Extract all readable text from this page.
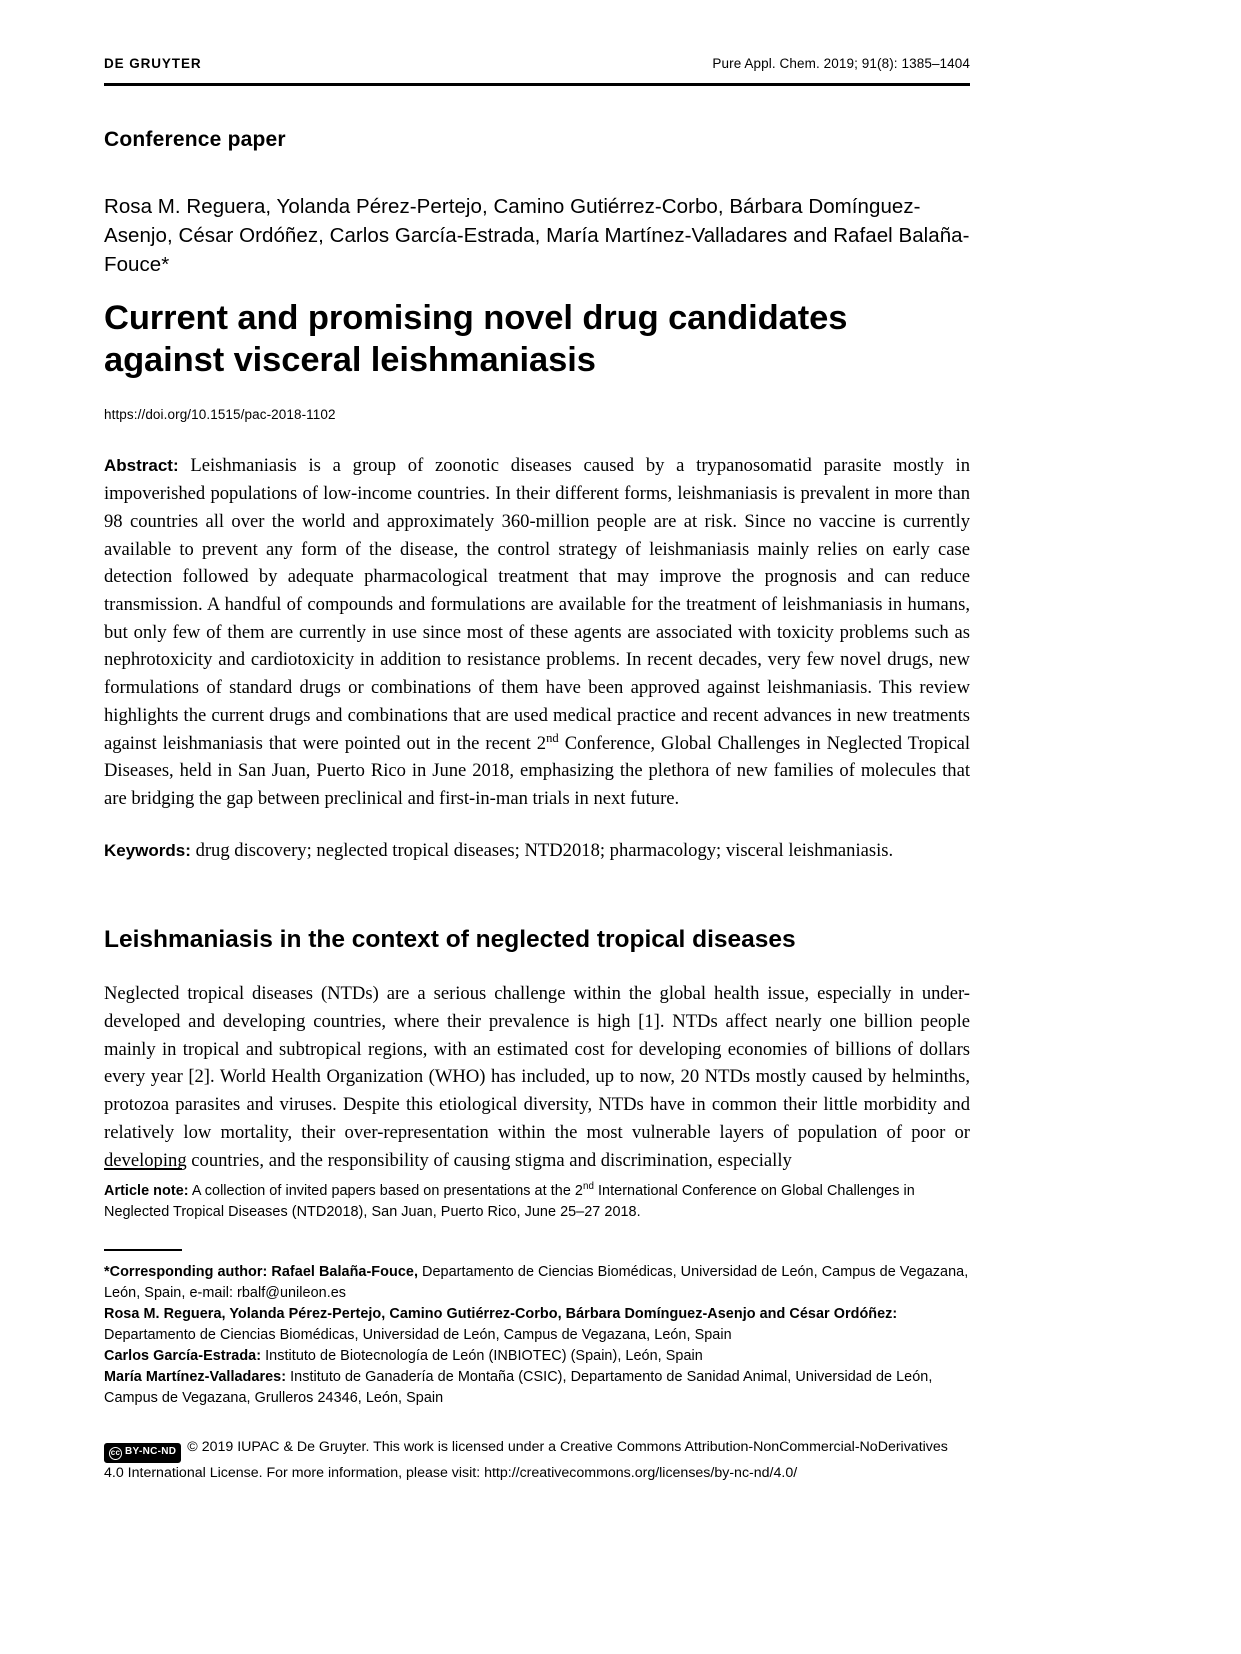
DE GRUYTER	Pure Appl. Chem. 2019; 91(8): 1385–1404
Conference paper
Rosa M. Reguera, Yolanda Pérez-Pertejo, Camino Gutiérrez-Corbo, Bárbara Domínguez-Asenjo, César Ordóñez, Carlos García-Estrada, María Martínez-Valladares and Rafael Balaña-Fouce*
Current and promising novel drug candidates against visceral leishmaniasis
https://doi.org/10.1515/pac-2018-1102
Abstract: Leishmaniasis is a group of zoonotic diseases caused by a trypanosomatid parasite mostly in impoverished populations of low-income countries. In their different forms, leishmaniasis is prevalent in more than 98 countries all over the world and approximately 360-million people are at risk. Since no vaccine is currently available to prevent any form of the disease, the control strategy of leishmaniasis mainly relies on early case detection followed by adequate pharmacological treatment that may improve the prognosis and can reduce transmission. A handful of compounds and formulations are available for the treatment of leishmaniasis in humans, but only few of them are currently in use since most of these agents are associated with toxicity problems such as nephrotoxicity and cardiotoxicity in addition to resistance problems. In recent decades, very few novel drugs, new formulations of standard drugs or combinations of them have been approved against leishmaniasis. This review highlights the current drugs and combinations that are used medical practice and recent advances in new treatments against leishmaniasis that were pointed out in the recent 2nd Conference, Global Challenges in Neglected Tropical Diseases, held in San Juan, Puerto Rico in June 2018, emphasizing the plethora of new families of molecules that are bridging the gap between preclinical and first-in-man trials in next future.
Keywords: drug discovery; neglected tropical diseases; NTD2018; pharmacology; visceral leishmaniasis.
Leishmaniasis in the context of neglected tropical diseases
Neglected tropical diseases (NTDs) are a serious challenge within the global health issue, especially in under-developed and developing countries, where their prevalence is high [1]. NTDs affect nearly one billion people mainly in tropical and subtropical regions, with an estimated cost for developing economies of billions of dollars every year [2]. World Health Organization (WHO) has included, up to now, 20 NTDs mostly caused by helminths, protozoa parasites and viruses. Despite this etiological diversity, NTDs have in common their little morbidity and relatively low mortality, their over-representation within the most vulnerable layers of population of poor or developing countries, and the responsibility of causing stigma and discrimination, especially
Article note: A collection of invited papers based on presentations at the 2nd International Conference on Global Challenges in Neglected Tropical Diseases (NTD2018), San Juan, Puerto Rico, June 25–27 2018.
*Corresponding author: Rafael Balaña-Fouce, Departamento de Ciencias Biomédicas, Universidad de León, Campus de Vegazana, León, Spain, e-mail: rbalf@unileon.es
Rosa M. Reguera, Yolanda Pérez-Pertejo, Camino Gutiérrez-Corbo, Bárbara Domínguez-Asenjo and César Ordóñez:
Departamento de Ciencias Biomédicas, Universidad de León, Campus de Vegazana, León, Spain
Carlos García-Estrada: Instituto de Biotecnología de León (INBIOTEC) (Spain), León, Spain
María Martínez-Valladares: Instituto de Ganadería de Montaña (CSIC), Departamento de Sanidad Animal, Universidad de León, Campus de Vegazana, Grulleros 24346, León, Spain
cc BY-NC-ND © 2019 IUPAC & De Gruyter. This work is licensed under a Creative Commons Attribution-NonCommercial-NoDerivatives 4.0 International License. For more information, please visit: http://creativecommons.org/licenses/by-nc-nd/4.0/
